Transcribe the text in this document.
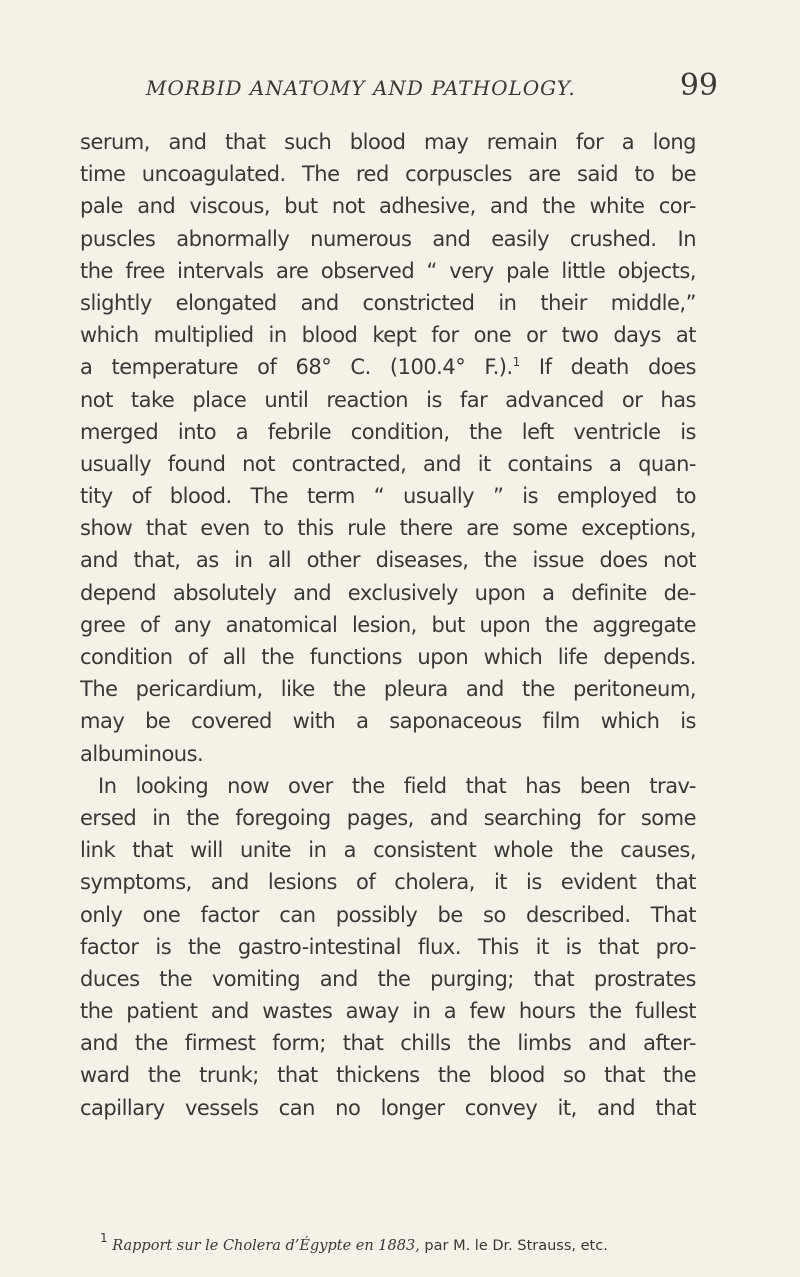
MORBID ANATOMY AND PATHOLOGY.	99
serum, and that such blood may remain for a long
time uncoagulated. The red corpuscles are said to be
pale and viscous, but not adhesive, and the white cor-
puscles abnormally numerous and easily crushed. In
the free intervals are observed “ very pale little objects,
slightly elongated and constricted in their middle,”
which multiplied in blood kept for one or two days at
a temperature of 68° C. (100.4° F.).$^1$ If death does
not take place until reaction is far advanced or has
merged into a febrile condition, the left ventricle is
usually found not contracted, and it contains a quan-
tity of blood. The term “ usually ” is employed to
show that even to this rule there are some exceptions,
and that, as in all other diseases, the issue does not
depend absolutely and exclusively upon a definite de-
gree of any anatomical lesion, but upon the aggregate
condition of all the functions upon which life depends.
The pericardium, like the pleura and the peritoneum,
may be covered with a saponaceous film which is
albuminous.
In looking now over the field that has been trav-
ersed in the foregoing pages, and searching for some
link that will unite in a consistent whole the causes,
symptoms, and lesions of cholera, it is evident that
only one factor can possibly be so described. That
factor is the gastro-intestinal flux. This it is that pro-
duces the vomiting and the purging; that prostrates
the patient and wastes away in a few hours the fullest
and the firmest form; that chills the limbs and after-
ward the trunk; that thickens the blood so that the
capillary vessels can no longer convey it, and that
$^1$ Rapport sur le Cholera d’Égypte en 1883, par M. le Dr. Strauss, etc.
